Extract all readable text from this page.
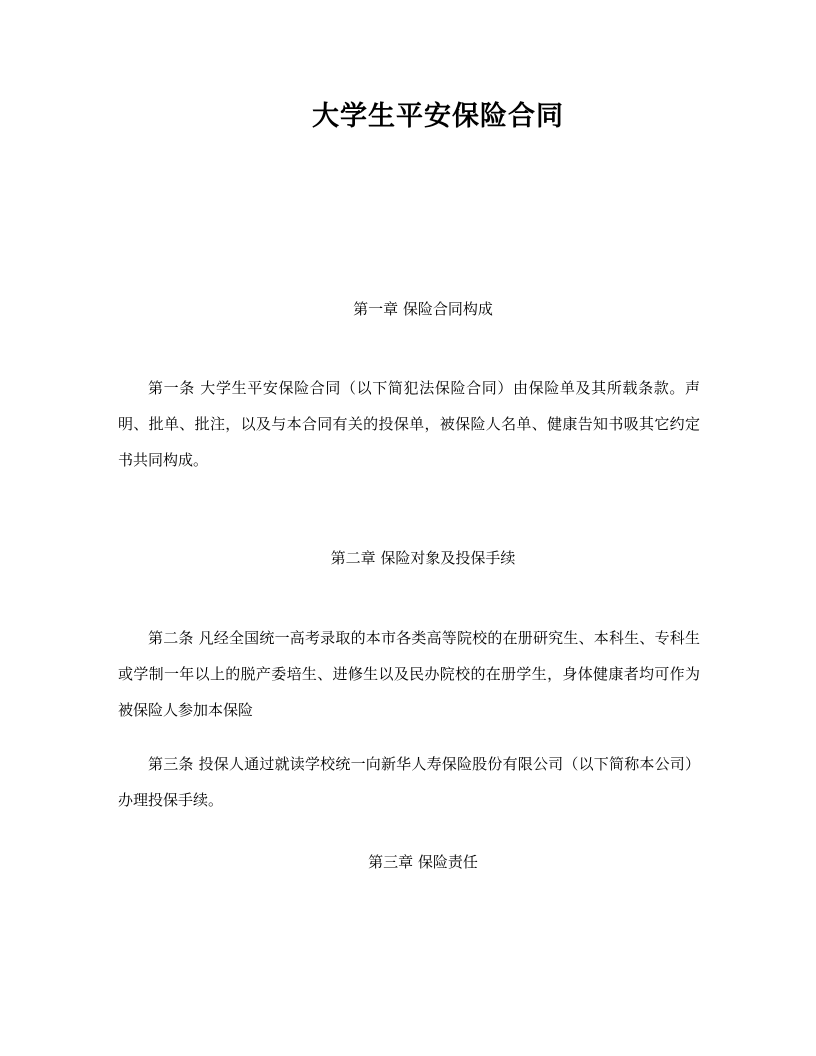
大学生平安保险合同

第一章 保险合同构成

第一条 大学生平安保险合同（以下简犯法保险合同）由保险单及其所载条款。声明、批单、批注，以及与本合同有关的投保单，被保险人名单、健康告知书吸其它约定书共同构成。

第二章 保险对象及投保手续

第二条 凡经全国统一高考录取的本市各类高等院校的在册研究生、本科生、专科生或学制一年以上的脱产委培生、进修生以及民办院校的在册学生，身体健康者均可作为被保险人参加本保险

第三条 投保人通过就读学校统一向新华人寿保险股份有限公司（以下简称本公司）办理投保手续。

第三章 保险责任
